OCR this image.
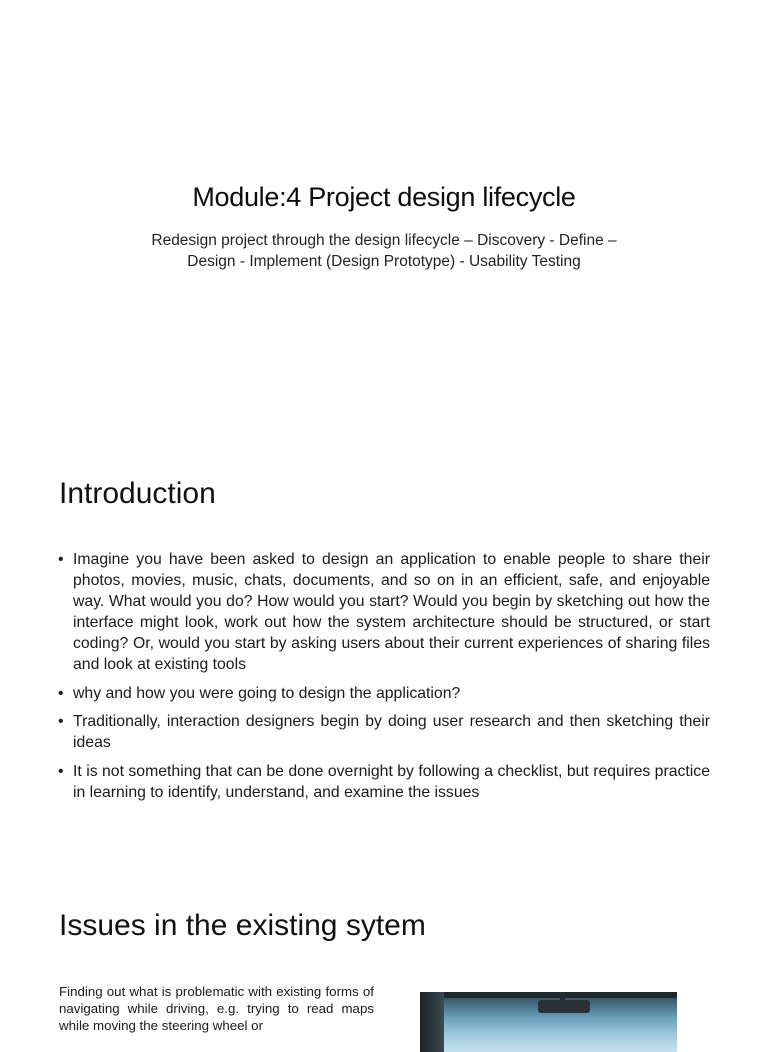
Module:4 Project design lifecycle
Redesign project through the design lifecycle – Discovery - Define –
Design - Implement (Design Prototype) - Usability Testing
Introduction
• Imagine you have been asked to design an application to enable people to share their photos, movies, music, chats, documents, and so on in an efficient, safe, and enjoyable way. What would you do? How would you start? Would you begin by sketching out how the interface might look, work out how the system architecture should be structured, or start coding? Or, would you start by asking users about their current experiences of sharing files and look at existing tools
• why and how you were going to design the application?
• Traditionally, interaction designers begin by doing user research and then sketching their ideas
• It is not something that can be done overnight by following a checklist, but requires practice in learning to identify, understand, and examine the issues
Issues in the existing sytem
Finding out what is problematic with existing forms of navigating while driving, e.g. trying to read maps while moving the steering wheel or
